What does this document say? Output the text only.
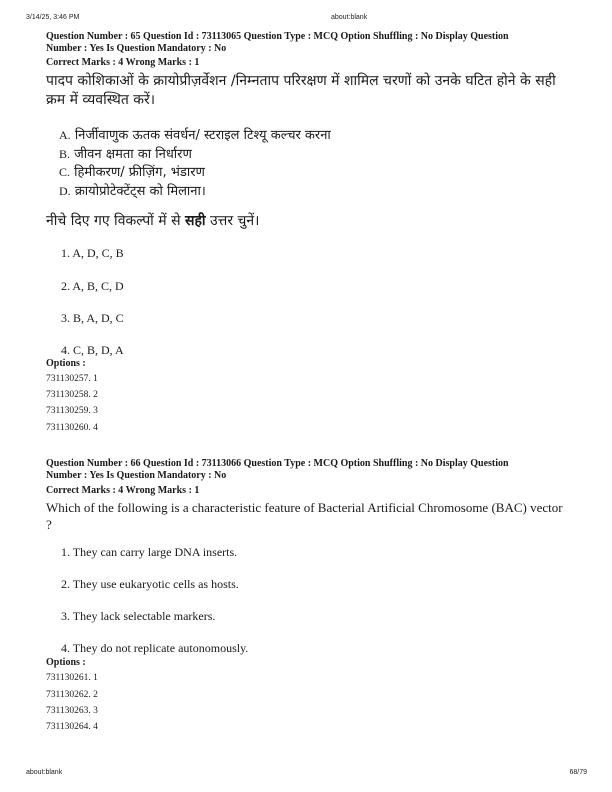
3/14/25, 3:46 PM	about:blank
Question Number : 65 Question Id : 73113065 Question Type : MCQ Option Shuffling : No Display Question
Number : Yes Is Question Mandatory : No
Correct Marks : 4 Wrong Marks : 1
पादप कोशिकाओं के क्रायोप्रीज़र्वेशन /निम्नताप परिरक्षण में शामिल चरणों को उनके घटित होने के सही क्रम में व्यवस्थित करें।
A. निर्जीवाणुक ऊतक संवर्धन/ स्टराइल टिश्यू कल्चर करना
B. जीवन क्षमता का निर्धारण
C. हिमीकरण/ फ्रीज़िंग, भंडारण
D. क्रायोप्रोटेक्टेंट्स को मिलाना।
नीचे दिए गए विकल्पों में से सही उत्तर चुनें।
1. A, D, C, B
2. A, B, C, D
3. B, A, D, C
4. C, B, D, A
Options :
731130257. 1
731130258. 2
731130259. 3
731130260. 4
Question Number : 66 Question Id : 73113066 Question Type : MCQ Option Shuffling : No Display Question
Number : Yes Is Question Mandatory : No
Correct Marks : 4 Wrong Marks : 1
Which of the following is a characteristic feature of Bacterial Artificial Chromosome (BAC) vector ?
1. They can carry large DNA inserts.
2. They use eukaryotic cells as hosts.
3. They lack selectable markers.
4. They do not replicate autonomously.
Options :
731130261. 1
731130262. 2
731130263. 3
731130264. 4
about:blank	68/79
